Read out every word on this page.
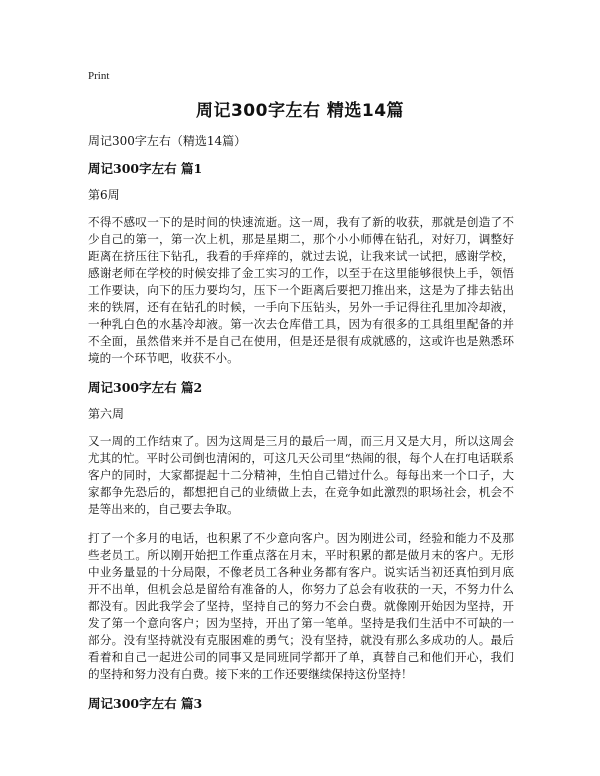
Print
周记300字左右 精选14篇
周记300字左右（精选14篇）
周记300字左右 篇1
第6周

不得不感叹一下的是时间的快速流逝。这一周，我有了新的收获，那就是创造了不少自己的第一，第一次上机，那是星期二，那个小小师傅在钻孔，对好刀，调整好距离在挤压往下钻孔，我看的手痒痒的，就过去说，让我来试一试把，感谢学校，感谢老师在学校的时候安排了金工实习的工作，以至于在这里能够很快上手，领悟工作要诀，向下的压力要均匀，压下一个距离后要把刀推出来，这是为了排去钻出来的铁屑，还有在钻孔的时候，一手向下压钻头，另外一手记得往孔里加冷却液，一种乳白色的水基冷却液。第一次去仓库借工具，因为有很多的工具组里配备的并不全面，虽然借来并不是自己在使用，但是还是很有成就感的，这或许也是熟悉环境的一个环节吧，收获不小。

周记300字左右 篇2
第六周

又一周的工作结束了。因为这周是三月的最后一周，而三月又是大月，所以这周会尤其的忙。平时公司倒也清闲的，可这几天公司里“热闹的很，每个人在打电话联系客户的同时，大家都提起十二分精神，生怕自己错过什么。每每出来一个口子，大家都争先恐后的，都想把自己的业绩做上去，在竞争如此激烈的职场社会，机会不是等出来的，自己要去争取。

打了一个多月的电话，也积累了不少意向客户。因为刚进公司，经验和能力不及那些老员工。所以刚开始把工作重点落在月末，平时积累的都是做月末的客户。无形中业务量显的十分局限，不像老员工各种业务都有客户。说实话当初还真怕到月底开不出单，但机会总是留给有准备的人，你努力了总会有收获的一天，不努力什么都没有。因此我学会了坚持，坚持自己的努力不会白费。就像刚开始因为坚持，开发了第一个意向客户；因为坚持，开出了第一笔单。坚持是我们生活中不可缺的一部分。没有坚持就没有克服困难的勇气；没有坚持，就没有那么多成功的人。最后看着和自己一起进公司的同事又是同班同学都开了单，真替自己和他们开心，我们的坚持和努力没有白费。接下来的工作还要继续保持这份坚持！

周记300字左右 篇3
